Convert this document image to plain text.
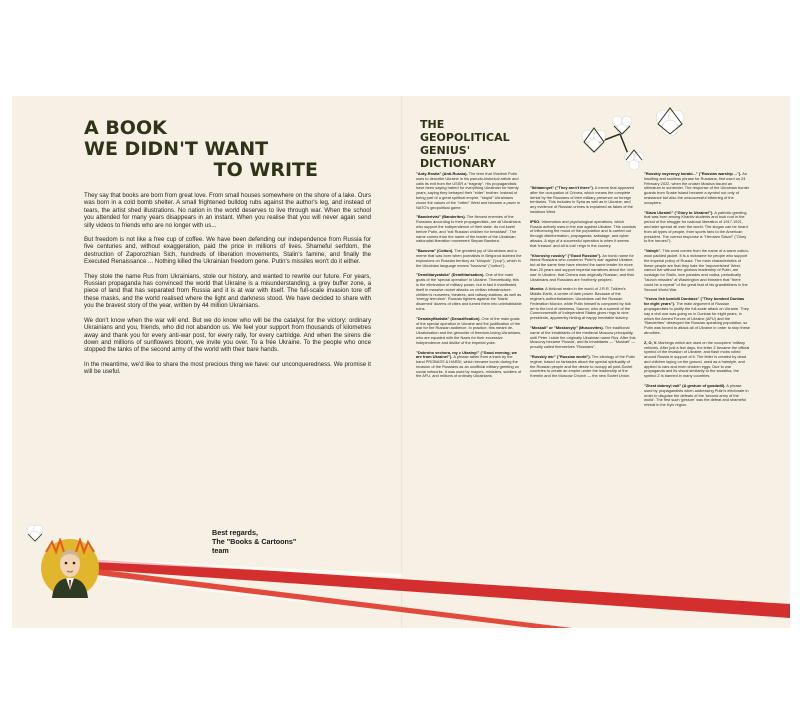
A BOOK
WE DIDN'T WANT
TO WRITE

They say that books are born from great love. From small houses somewhere on the shore of a lake. Ours was born in a cold bomb shelter. A small frightened bulldog rubs against the author's leg, and instead of tears, the artist shed illustrations. No nation in the world deserves to live through war. When the school you attended for many years disappears in an instant. When you realise that you will never again send silly videos to friends who are no longer with us...

But freedom is not like a free cup of coffee. We have been defending our independence from Russia for five centuries and, without exaggeration, paid the price in millions of lives. Shameful serfdom, the destruction of Zaporozhian Sich, hundreds of liberation movements, Stalin's famine, and finally the Executed Renaissance ... Nothing killed the Ukrainian freedom gene. Putin's missiles won't do it either.

They stole the name Rus from Ukrainians, stole our history, and wanted to rewrite our future. For years, Russian propaganda has convinced the world that Ukraine is a misunderstanding, a grey buffer zone, a piece of land that has separated from Russia and it is at war with itself. The full-scale invasion tore off these masks, and the world realised where the light and darkness stood. We have decided to share with you the bravest story of the year, written by 44 million Ukrainians.

We don't know when the war will end. But we do know who will be the catalyst for the victory: ordinary Ukrainians and you, friends, who did not abandon us. We feel your support from thousands of kilometres away and thank you for every anti-war post, for every rally, for every cartridge. And when the sirens die down and millions of sunflowers bloom, we invite you over. To a free Ukraine. To the people who once stopped the tanks of the second army of the world with their bare hands.

In the meantime, we'd like to share the most precious thing we have: our unconqueredness. We promise it will be useful.

Best regards,
The "Books & Cartoons"
team
THE
GEOPOLITICAL
GENIUS'
DICTIONARY
"Anty-Rosiia" (Anti-Russia). The term that Vladimir Putin uses to describe Ukraine in his pseudo-historical article and calls its exit from the USSR a "tragedy". His propagandists have been saying hatred for everything Ukrainian for twenty years, saying they betrayed their "elder" brother. Instead of being part of a great spiritual empire, "stupid" Ukrainians chose the values of the "rotten" West and became a pawn in NATO's geopolitical game.
"Banderivtsi" (Banderites). The fiercest enemies of the Russians according to their propagandists, are all Ukrainians who support the independence of their state. do not kneel before Putin, and "eat Russian children for breakfast". The name comes from the name of the leader of the Ukrainian nationalist liberation movement Stepan Bandera.
"Bavovna" (Cotton). The greatest joy of Ukrainians and a meme that was born when journalists in Belgorod dubbed the explosions on Russian territory as "khlopok" ("pop"), which in the Ukrainian language means "bavovna" ("cotton").
"Demilitaryzatsiia" (Demilitarisation). One of the main goals of the 'special operation' in Ukraine. Theoretically, this is the elimination of military power, but in fact it manifested itself in massive rocket attacks on civilian infrastructure: children's nurseries, theatres, and railway stations, as well as 'energy terrorism'. Russian fighters against the 'Nazis' disarmed' dozens of cities and turned them into uninhabitable ruins.
"Denatsyfikatsiia" (Denazification). One of the main goals of the special operation in Ukraine and the justification of the war for the Russian audience. In practice, this meant de-Ukrainisation and the genocide of freedom-loving Ukrainians, who are equated with the Nazis for their excessive independence and dislike of the imperial yoke.
"Dobroho vechora, my z Ukrainy!" ("Good evening, we are from Ukraine!"). A phrase taken from a track by the band PROBASS & HARDI, which became iconic during the invasion of the Russians as an unofficial military greeting on social networks. It was used by mayors, ministers, soldiers of the AFU, and millions of ordinary Ukrainians.
"Ikhtamnyet" ("They aren't there"). A meme that appeared after the occupation of Crimea, which means the complete denial by the Russians of their military presence on foreign territories. This includes in Syria as well as in Ukraine, and any evidence of Russian crimes is explained as fakes of the insidious West.
IPSO. Information and psychological operations, which Russia actively uses in the war against Ukraine. This consists of influencing the mood of the population and is carried out through disinformation, propaganda, sabotage, and cyber attacks. A sign of a successful operation is when it seems that 'treason' and all is lost' reign in the country.
"Khoroshy russkiy" ("Good Russian"). An ironic name for liberal Russians who condemn 'Putin's war' against Ukraine, but at the same time have elected the same leader for more than 20 years and support imperial narratives about the 'civil war' in Ukraine, that Crimea was originally Russian, and that Ukrainians and Russians are 'brotherly peoples'.
Mordor. A fictional realm in the world of J.R.R. Tolkien's Middle-Earth, a centre of dark power. Because of the regime's authoritarianism, Ukrainians call the Russian Federation Mordor, while Putin himself is compared by folk art to the lord of darkness, Sauron, who at a summit of the Commonwealth of Independent States gives rings to nine presidents, apparently hinting at happy inevitable slavery.
"Moskali" or "Moskovyty" (Muscovites). The traditional name of the inhabitants of the medieval Moscow principality, until Peter I stole the originally Ukrainian name Rus. After this Muscovy became 'Russia', and its inhabitants — "Moskali" — proudly called themselves "Russians".
"Russkiy mir" ("Russian world"). The ideology of the Putin regime, based on fantasies about the special spirituality of the Russian people and the desire to occupy all post-Soviet countries to create an empire under the leadership of the Kremlin and the Moscow Church — the new Soviet Union.
"Russkiy voyennyy korabl..." ("Russian warship ..."). An insulting and soulless phrase for Russians, first used on 24 February 2022, when the cruiser Moskva issued an ultimatum to surrender. The response of the Ukrainian border guards from Snake Island became a symbol not only of resistance but also the unsuccessful blitzkrieg of the occupiers.
"Slava Ukraini!" ("Glory to Ukraine!"). A patriotic greeting that was born among Kharkiv students and took root in the period of the struggle for national liberation of 1917-1921, and later spread all over the world. The slogan can be heard from all types of people, from sports fans to the American president. The correct response is "Heroiam Slava!" ("Glory to the heroes!").
"Vatnyk". This word comes from the name of a warm cotton-wool padded jacket. It is a nickname for people who support the imperial policy of Russia. The main characteristics of these people are that they hate the 'impoverished' West, cannot live without the glorious leadership of Putin, are nostalgic for Stalin, love parades and vodka, periodically "launch missiles" at Washington and threaten that "there could be a repeat" of the great feat of his grandfathers in the Second World War.
"Vsevo lish bombili Donbass" ("They bombed Donbas for eight years"). The main argument of Russian propagandists to justify the full-scale attack on Ukraine. They say a civil war was going on in Donbas for eight years, in which the Armed Forces of Ukraine (AFU) and the "Banderites" destroyed the Russian-speaking population, so Putin was forced to attack all of Ukraine in order to stop these atrocities.
Z, O, V. Markings which are used on the occupiers' military vehicles. After just a few days, the letter Z became the official symbol of the invasion of Ukraine, and flash mobs rolled around Russia in support of it. The letter is created by dead and children laying on the ground, used as a hairstyle, and applied to cars and even chicken eggs. Due to war propaganda and its visual similarity to the swastika, the symbol Z is banned in many countries.
"Zhest dobroyi voli" (A gesture of goodwill). A phrase used by propagandists when addressing Putin's electorate in order to disguise the defeats of the 'second army of the world'. The first such 'gesture' was the defeat and shameful retreat in the Kyiv region.
